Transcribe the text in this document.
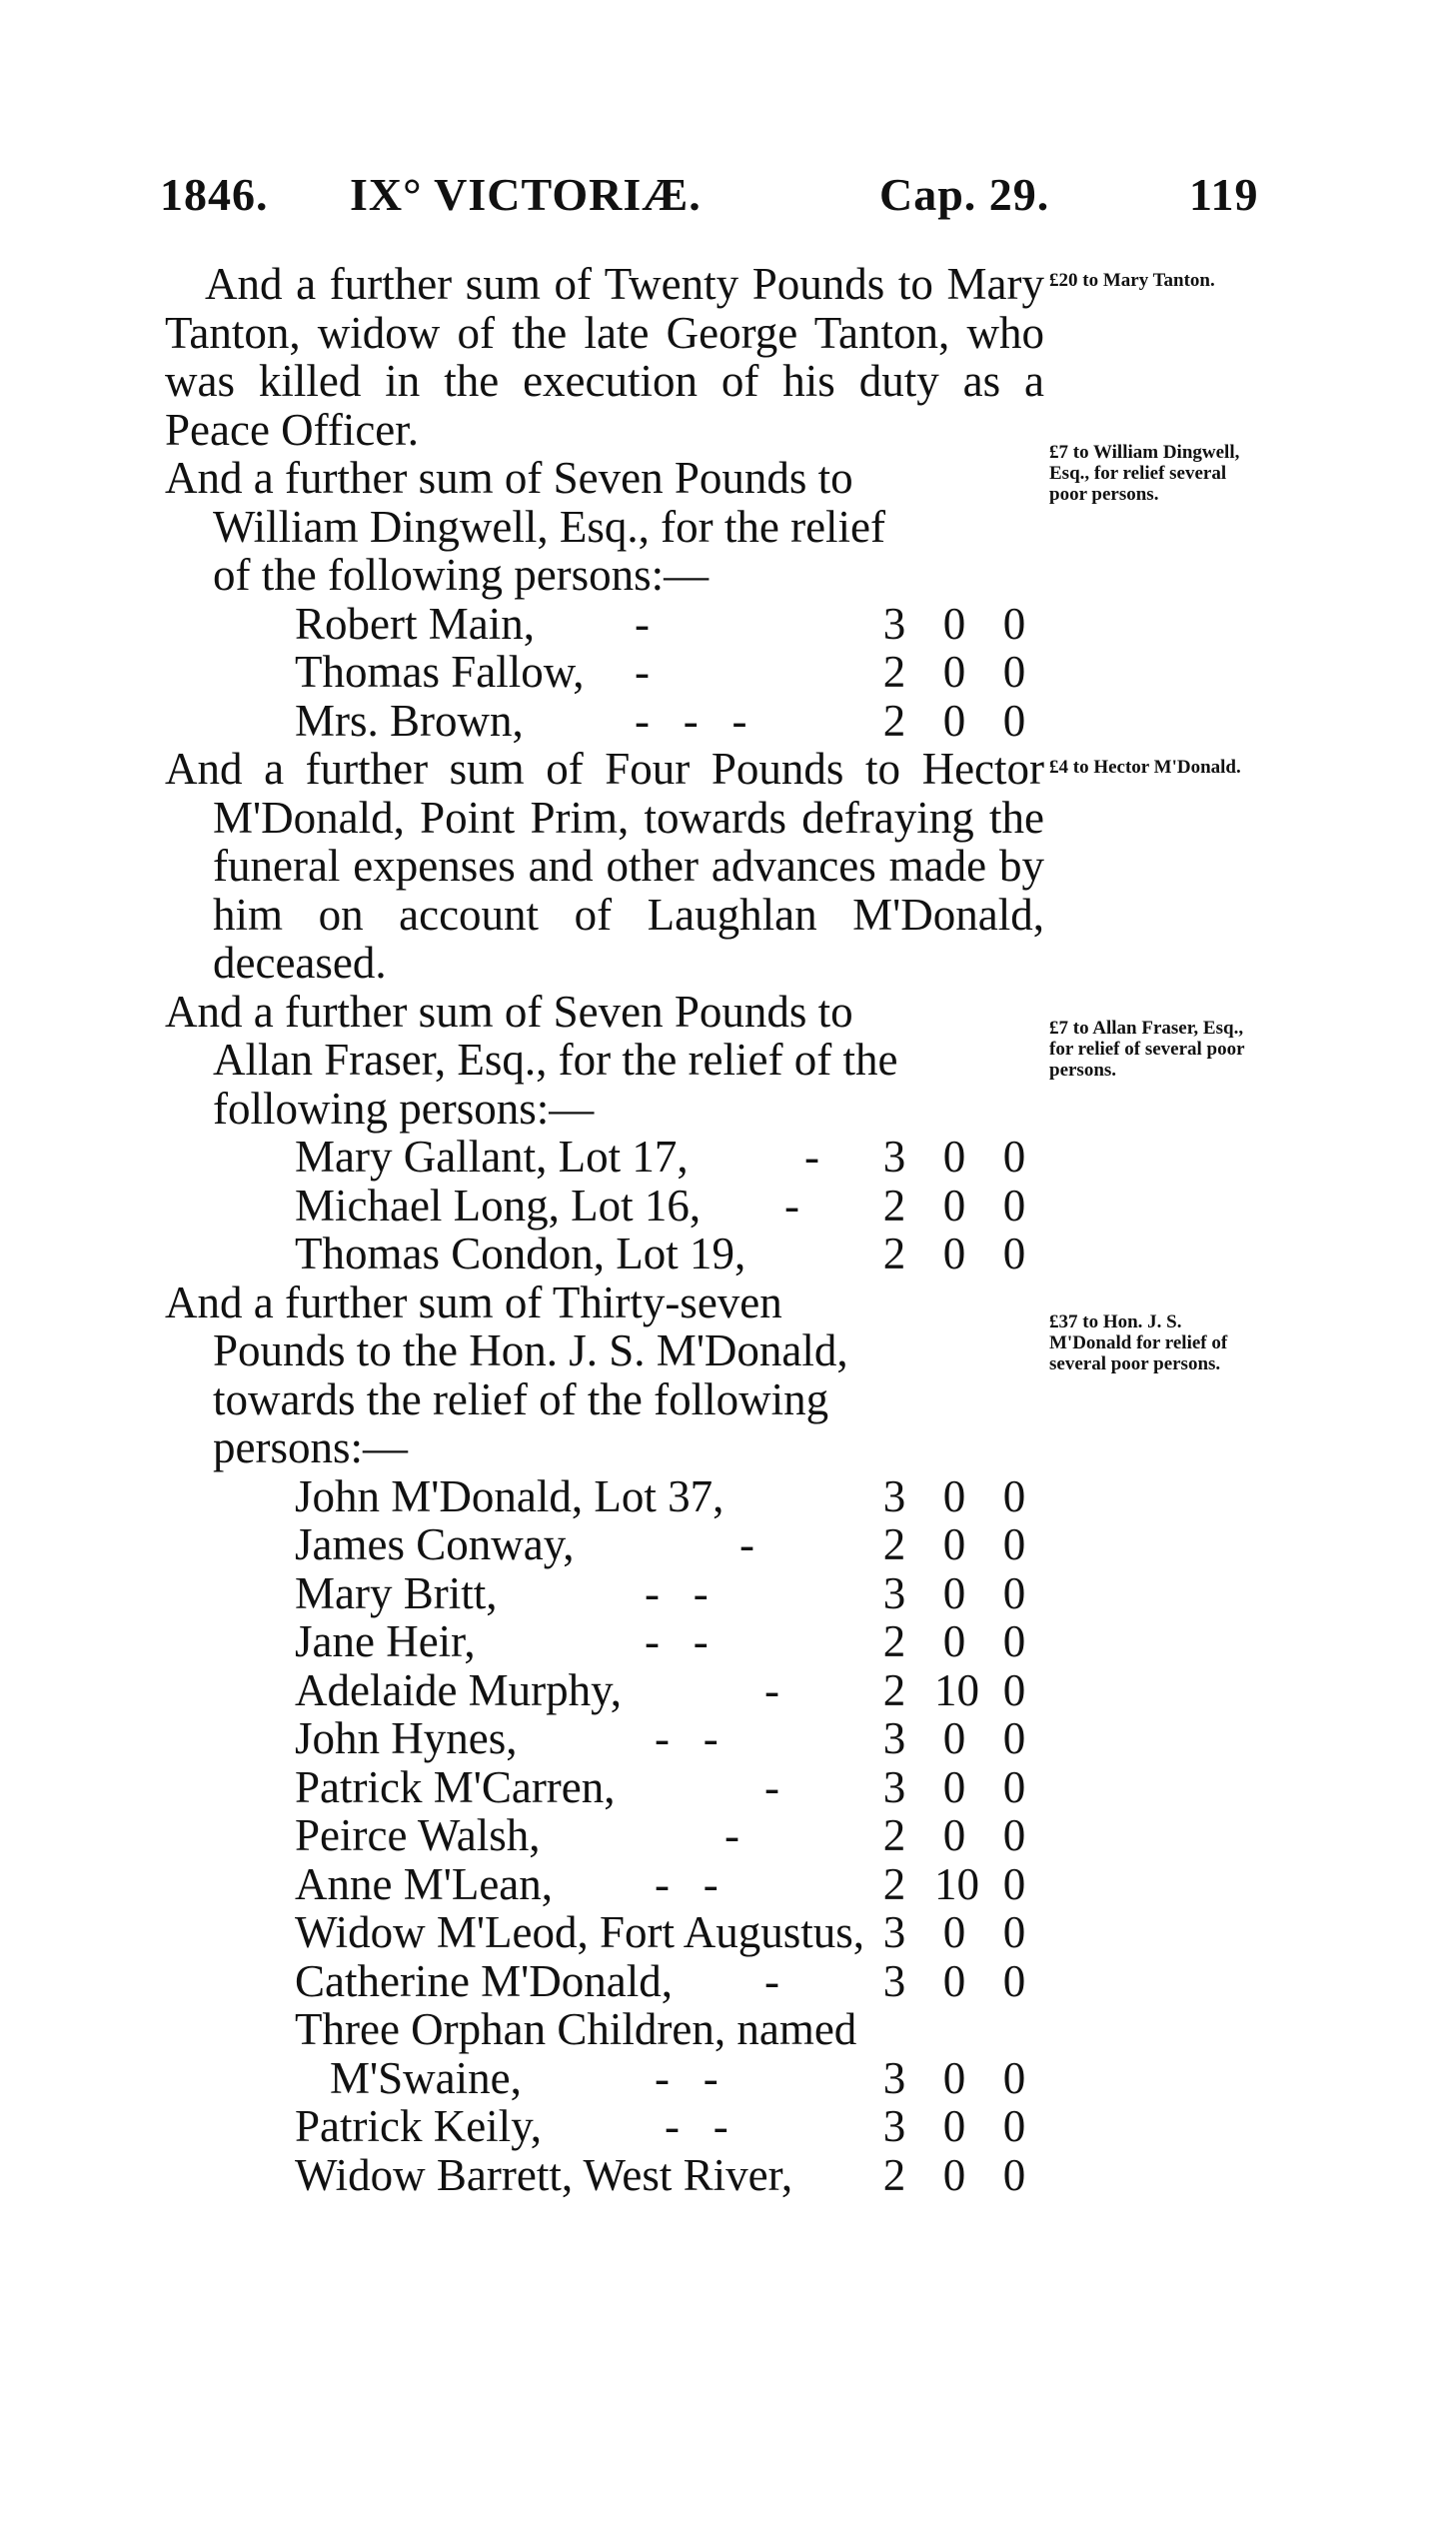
1846. IX° VICTORIÆ.	Cap. 29.	119

And a further sum of Twenty Pounds to Mary Tanton, widow of the late George Tanton, who was killed in the execution of his duty as a Peace Officer.

And a further sum of Seven Pounds to William Dingwell, Esq., for the relief of the following persons:—

Robert Main, -	3 0 0
Thomas Fallow, -	2 0 0
Mrs. Brown, -   -   -	2 0 0

And a further sum of Four Pounds to Hector M'Donald, Point Prim, towards defraying the funeral expenses and other advances made by him on account of Laughlan M'Donald, deceased.

And a further sum of Seven Pounds to Allan Fraser, Esq., for the relief of the following persons:—

Mary Gallant, Lot 17,	- 3 0 0
Michael Long, Lot 16, - 2 0 0
Thomas Condon, Lot 19,	2 0 0

And a further sum of Thirty-seven Pounds to the Hon. J. S. M'Donald, towards the relief of the following persons:—

John M'Donald, Lot 37,	3 0 0
James Conway,	-	2 0 0
Mary Britt,	-   -	3 0 0
Jane Heir,	-   -	2 0 0
Adelaide Murphy,	- 2 10 0
John Hynes,	-   -	3 0 0
Patrick M'Carren,	- 3 0 0
Peirce Walsh,	-	2 0 0
Anne M'Lean, -   -	2 10 0
Widow M'Leod, Fort Augustus, 3 0 0
Catherine M'Donald, - 3 0 0
Three Orphan Children, named
M'Swaine,	-   -	3 0 0
Patrick Keily,	-   -	3 0 0
Widow Barrett, West River, 2 0 0
£20 to Mary Tanton.
£7 to William Dingwell, Esq., for relief several poor persons.
£4 to Hector M'Donald.
£7 to Allan Fraser, Esq., for relief of several poor persons.
£37 to Hon. J. S. M'Donald for relief of several poor persons.
